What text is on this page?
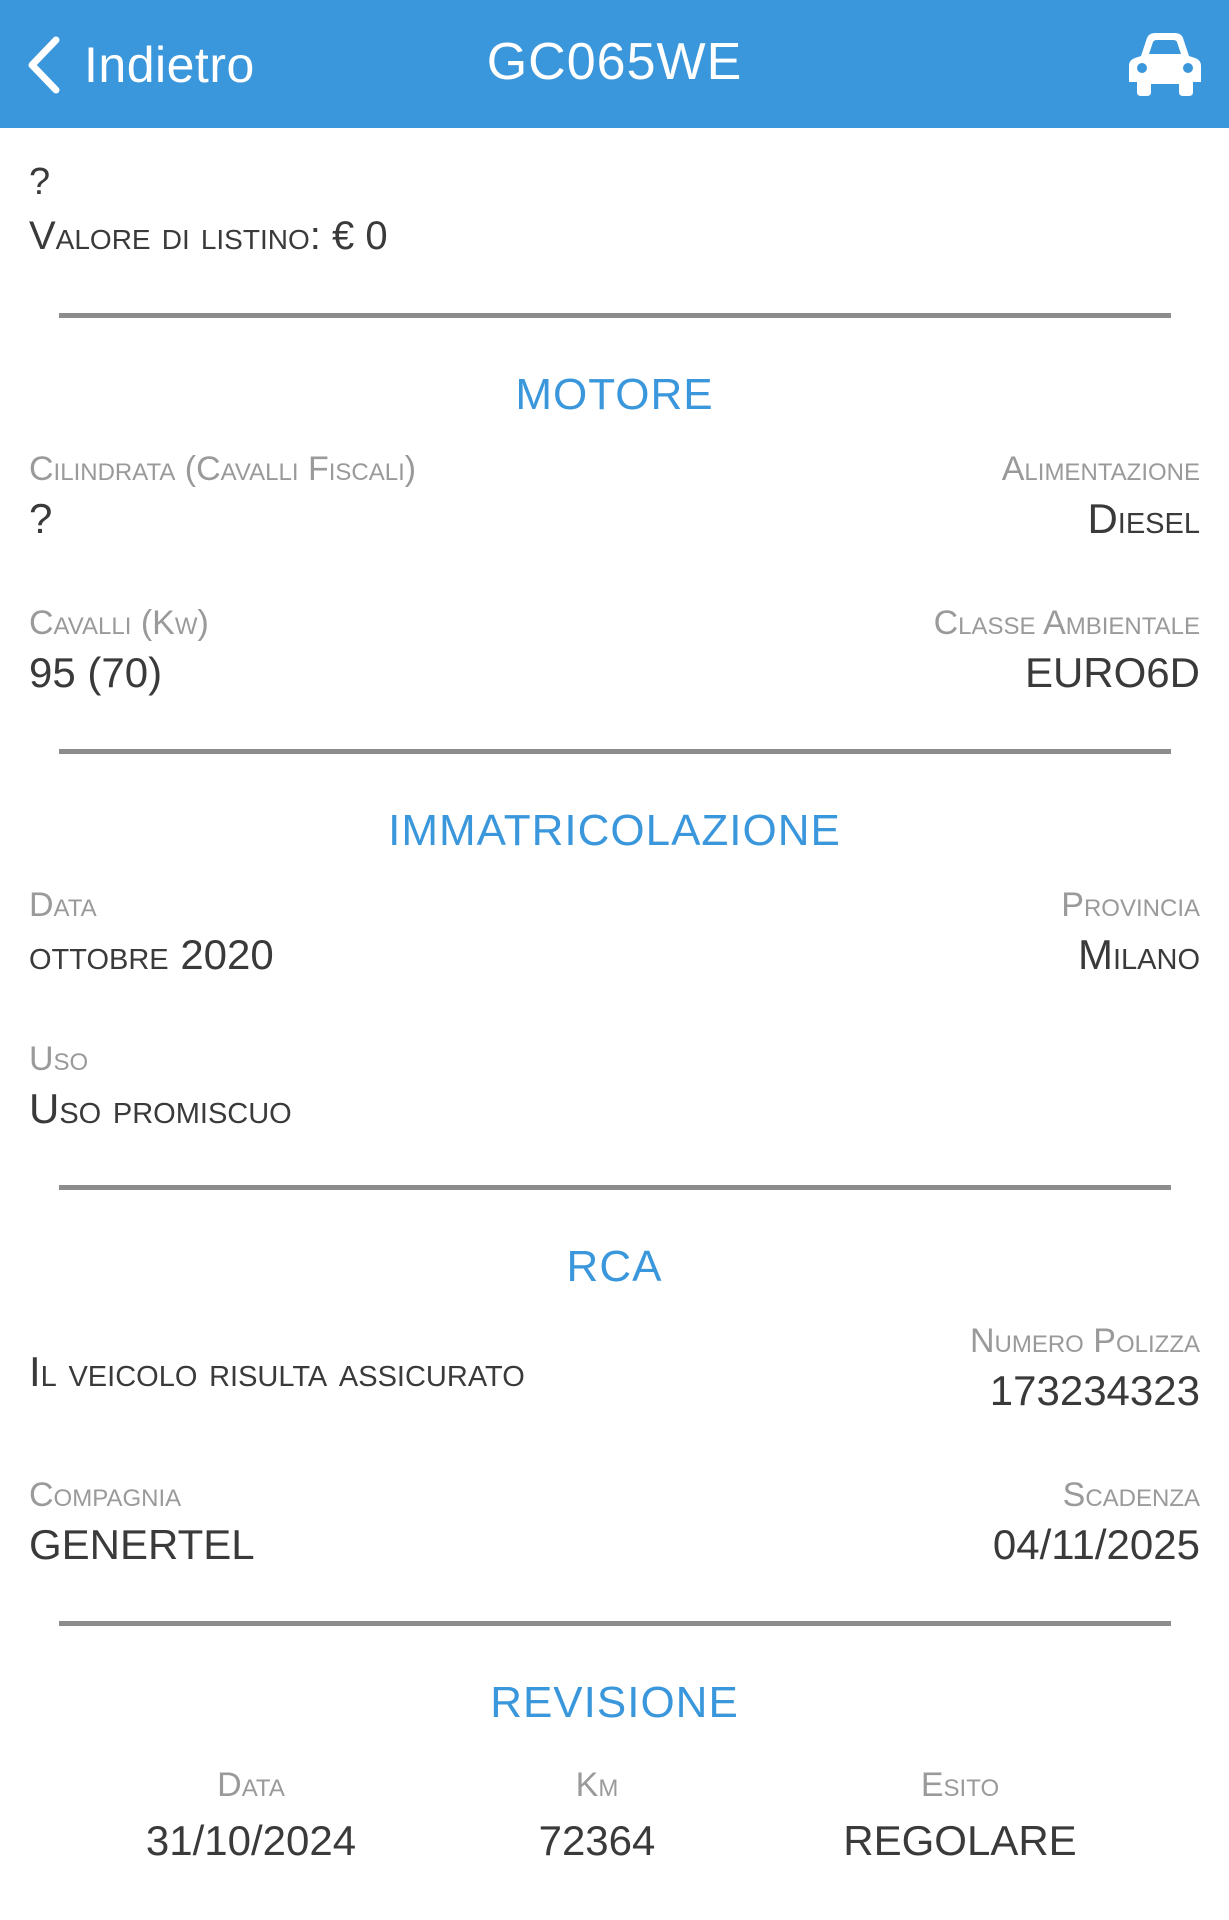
Indietro	GC065WE
?
Valore di listino: € 0
MOTORE
Cilindrata (Cavalli Fiscali)
?
Alimentazione
Diesel
Cavalli (Kw)
95 (70)
Classe Ambientale
EURO6D
IMMATRICOLAZIONE
Data
ottobre 2020
Provincia
Milano
Uso
Uso promiscuo
RCA
Il veicolo risulta assicurato
Numero Polizza
173234323
Compagnia
GENERTEL
Scadenza
04/11/2025
REVISIONE
Data
31/10/2024
Km
72364
Esito
REGOLARE
